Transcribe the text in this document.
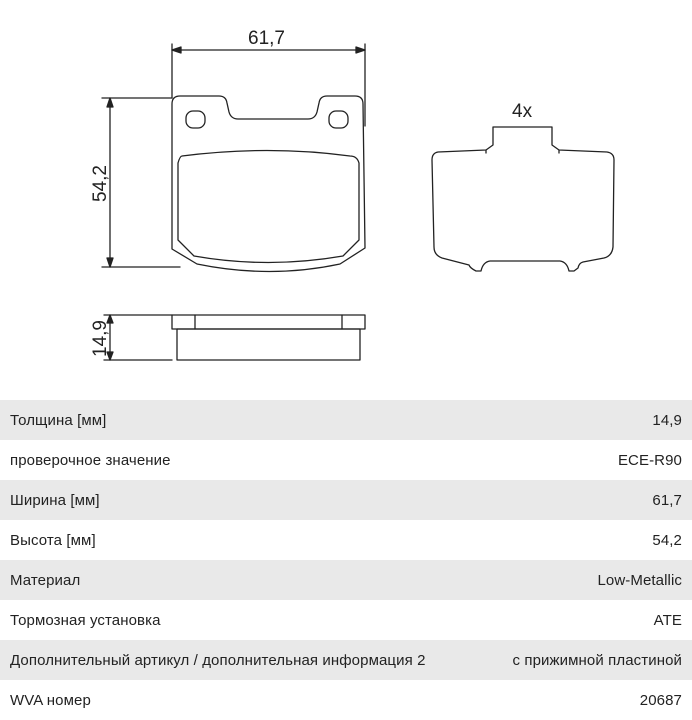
61,7
54,2
14,9
4x
Толщина [мм]	14,9
проверочное значение	ECE-R90
Ширина [мм]	61,7
Высота [мм]	54,2
Материал	Low-Metallic
Тормозная установка	ATE
Дополнительный артикул / дополнительная информация 2	с прижимной пластиной
WVA номер	20687
